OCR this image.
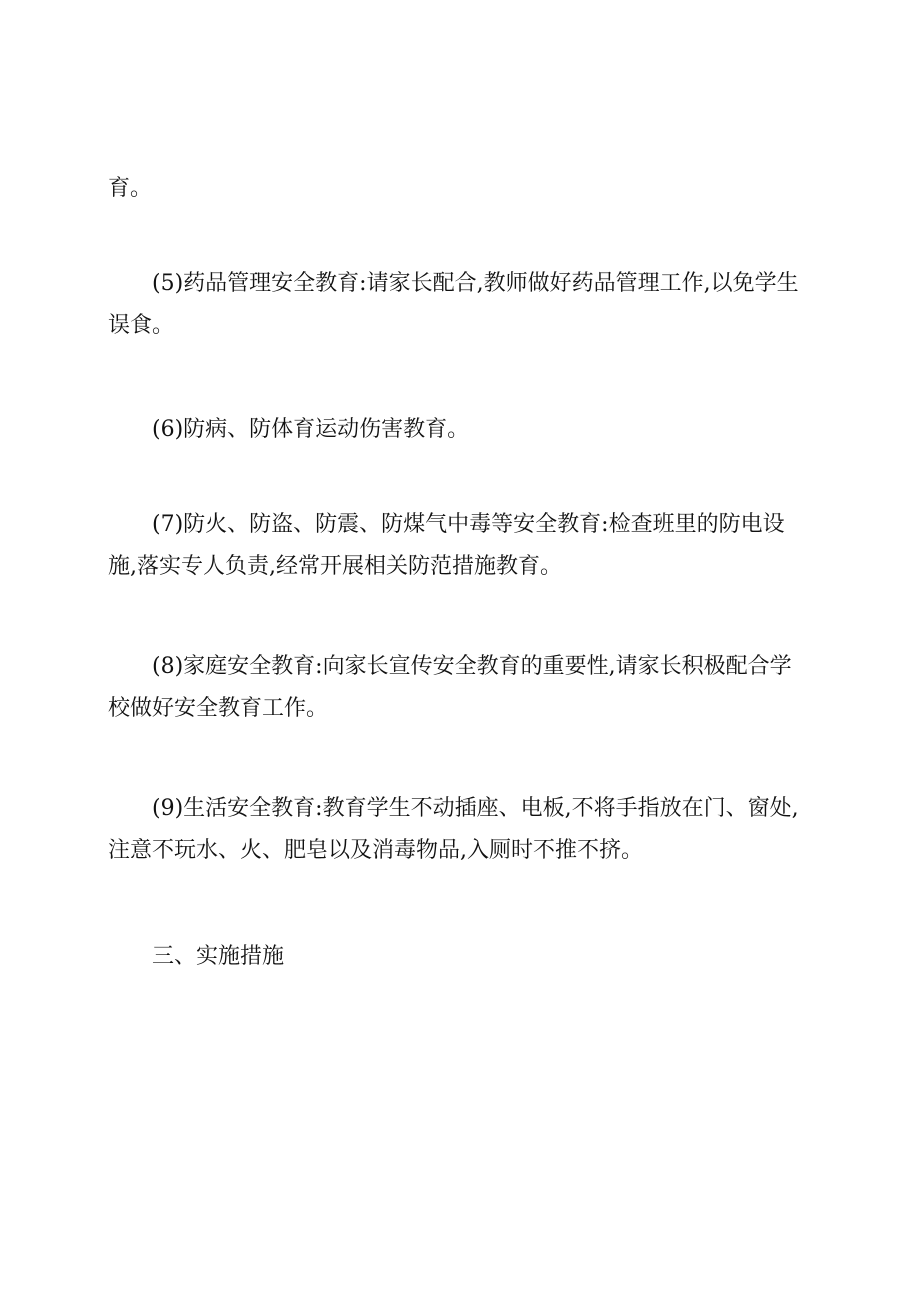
育。

(5)药品管理安全教育:请家长配合,教师做好药品管理工作,以免学生
误食。

(6)防病、防体育运动伤害教育。

(7)防火、防盗、防震、防煤气中毒等安全教育:检查班里的防电设
施,落实专人负责,经常开展相关防范措施教育。

(8)家庭安全教育:向家长宣传安全教育的重要性,请家长积极配合学
校做好安全教育工作。

(9)生活安全教育:教育学生不动插座、电板,不将手指放在门、窗处,
注意不玩水、火、肥皂以及消毒物品,入厕时不推不挤。

三、实施措施
